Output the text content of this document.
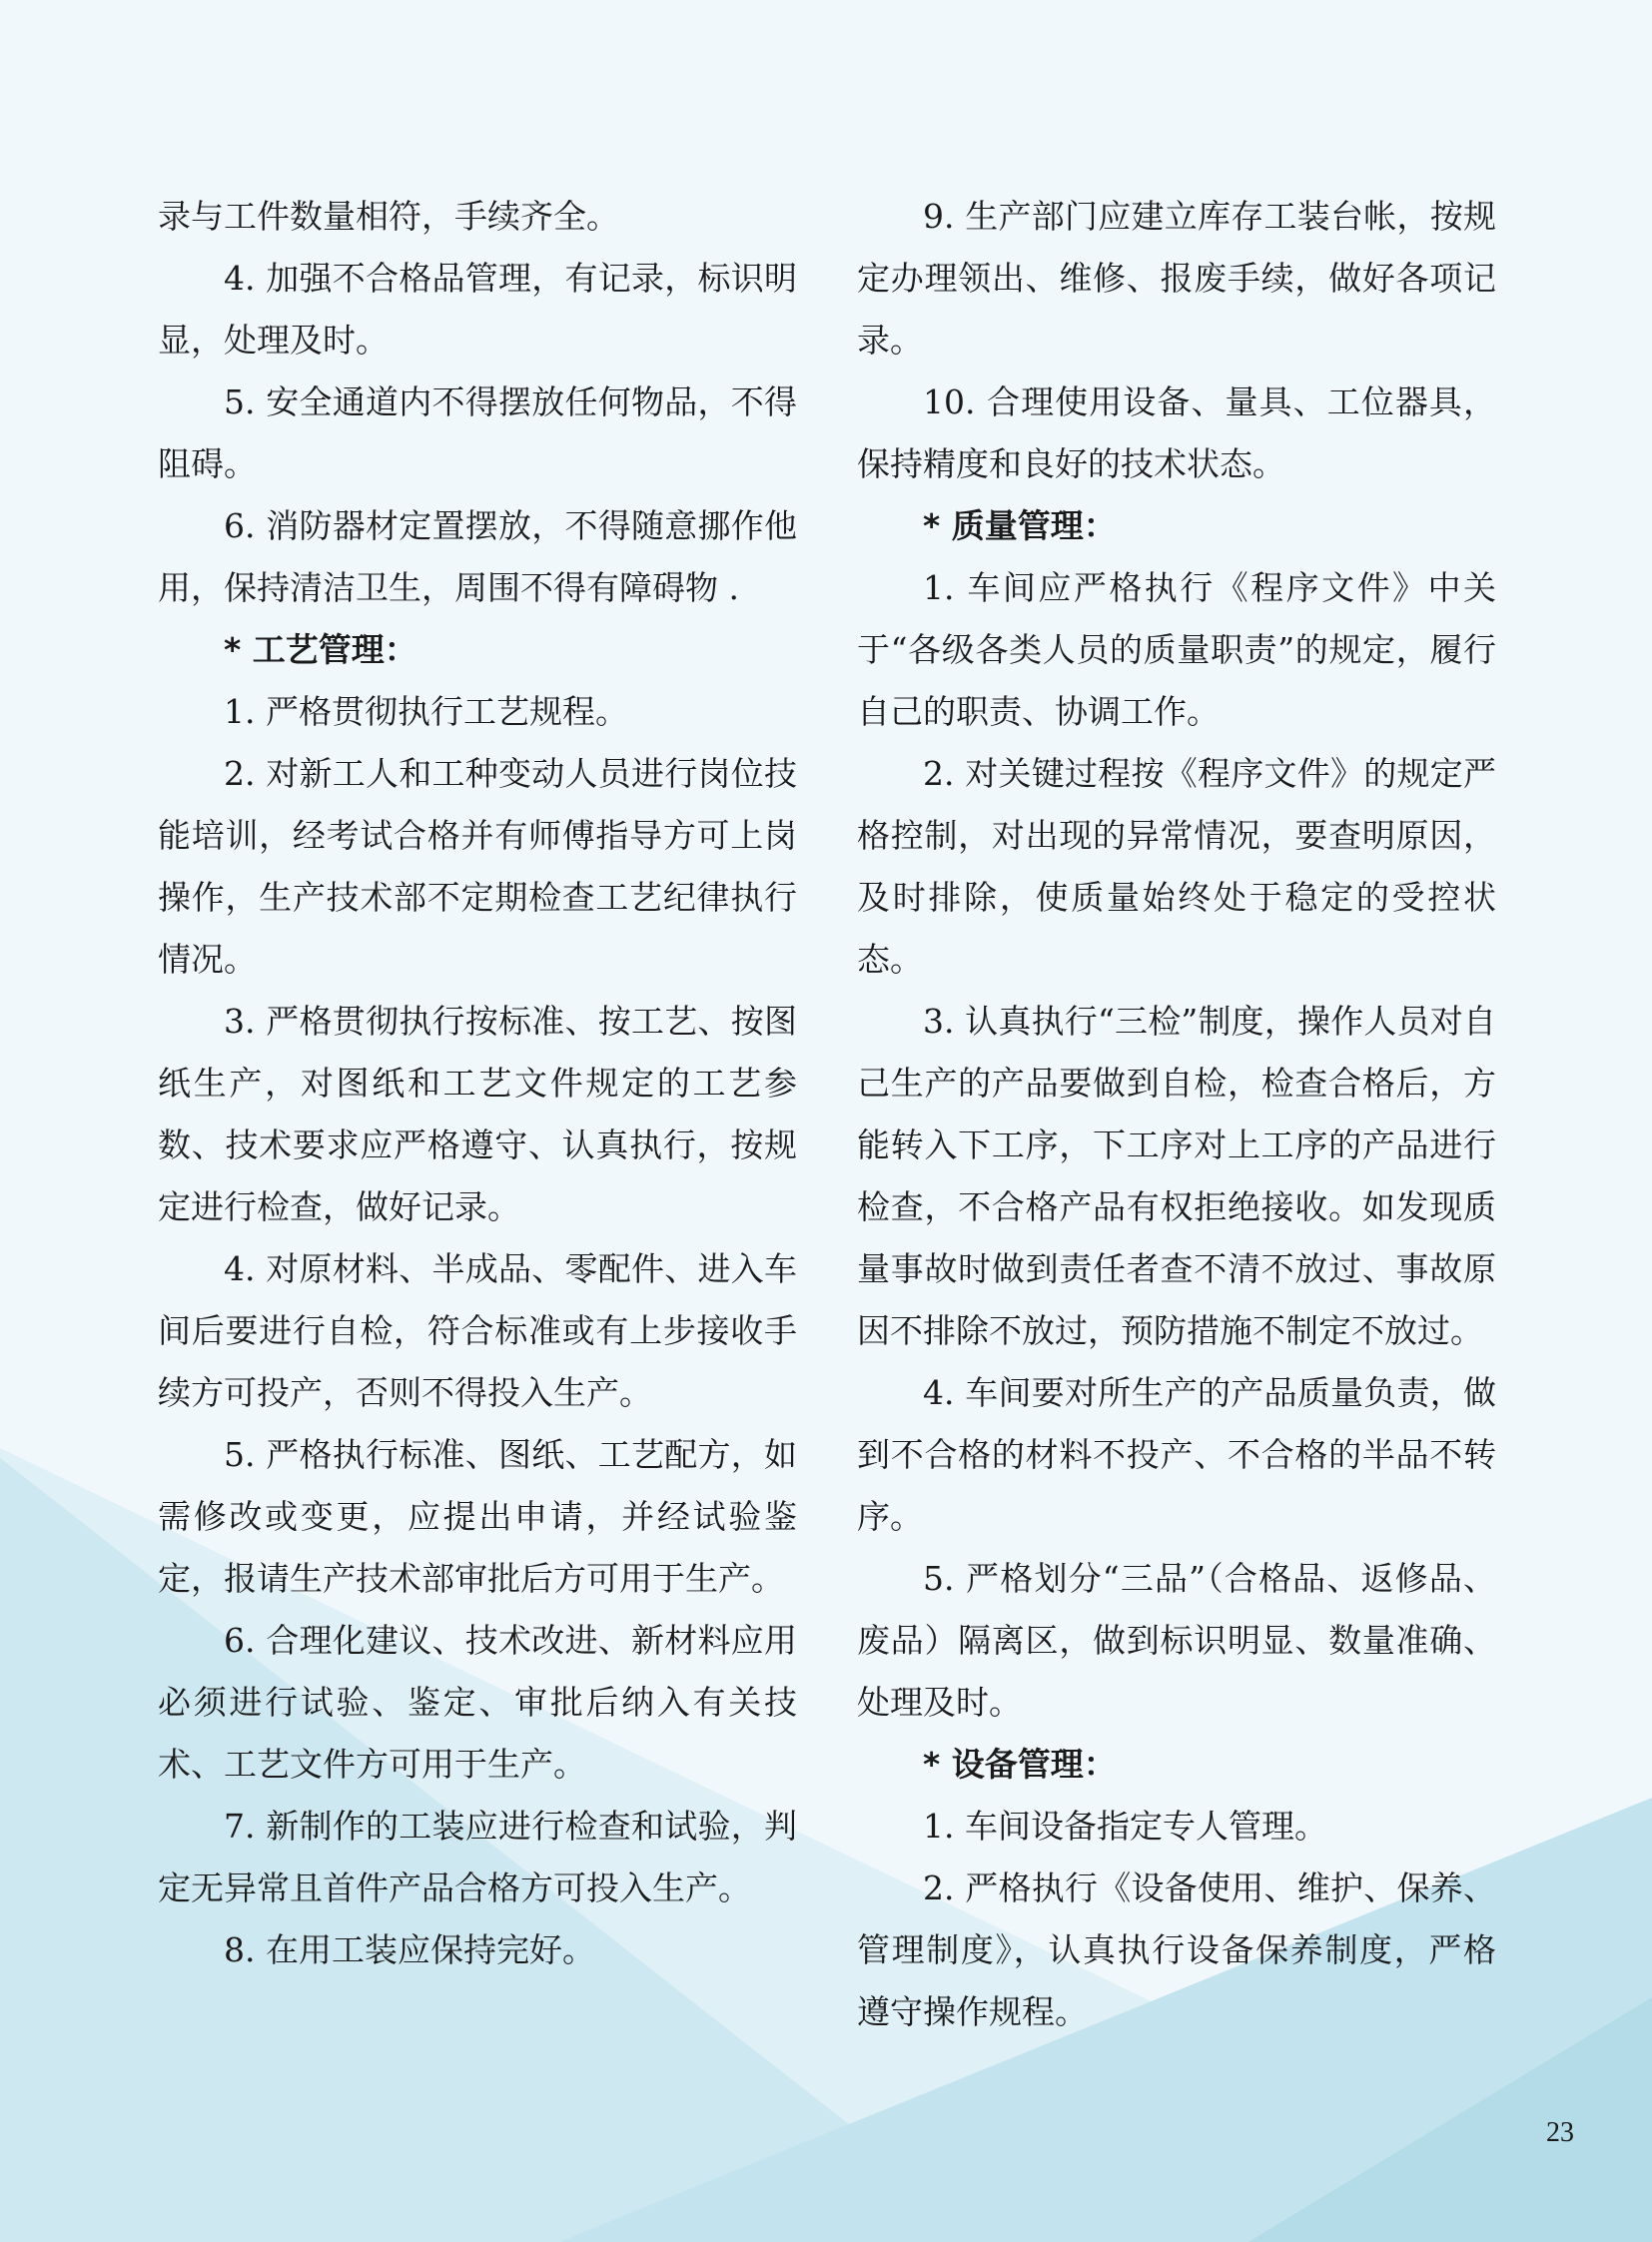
录与工件数量相符，手续齐全。

4. 加强不合格品管理，有记录，标识明显，处理及时。

5. 安全通道内不得摆放任何物品，不得阻碍。

6. 消防器材定置摆放，不得随意挪作他用，保持清洁卫生，周围不得有障碍物 .

* 工艺管理：

1. 严格贯彻执行工艺规程。

2. 对新工人和工种变动人员进行岗位技能培训，经考试合格并有师傅指导方可上岗操作，生产技术部不定期检查工艺纪律执行情况。

3. 严格贯彻执行按标准、按工艺、按图纸生产，对图纸和工艺文件规定的工艺参数、技术要求应严格遵守、认真执行，按规定进行检查，做好记录。

4. 对原材料、半成品、零配件、进入车间后要进行自检，符合标准或有上步接收手续方可投产，否则不得投入生产。

5. 严格执行标准、图纸、工艺配方，如需修改或变更，应提出申请，并经试验鉴定，报请生产技术部审批后方可用于生产。

6. 合理化建议、技术改进、新材料应用必须进行试验、鉴定、审批后纳入有关技术、工艺文件方可用于生产。

7. 新制作的工装应进行检查和试验，判定无异常且首件产品合格方可投入生产。

8. 在用工装应保持完好。

9. 生产部门应建立库存工装台帐，按规定办理领出、维修、报废手续，做好各项记录。

10. 合理使用设备、量具、工位器具，保持精度和良好的技术状态。

* 质量管理：

1. 车间应严格执行《程序文件》中关于“各级各类人员的质量职责”的规定，履行自己的职责、协调工作。

2. 对关键过程按《程序文件》的规定严格控制，对出现的异常情况，要查明原因，及时排除，使质量始终处于稳定的受控状态。

3. 认真执行“三检”制度，操作人员对自己生产的产品要做到自检，检查合格后，方能转入下工序，下工序对上工序的产品进行检查，不合格产品有权拒绝接收。如发现质量事故时做到责任者查不清不放过、事故原因不排除不放过，预防措施不制定不放过。

4. 车间要对所生产的产品质量负责，做到不合格的材料不投产、不合格的半品不转序。

5. 严格划分“三品”（合格品、返修品、废品）隔离区，做到标识明显、数量准确、处理及时。

* 设备管理：

1. 车间设备指定专人管理。

2. 严格执行《设备使用、维护、保养、管理制度》，认真执行设备保养制度，严格遵守操作规程。

23
